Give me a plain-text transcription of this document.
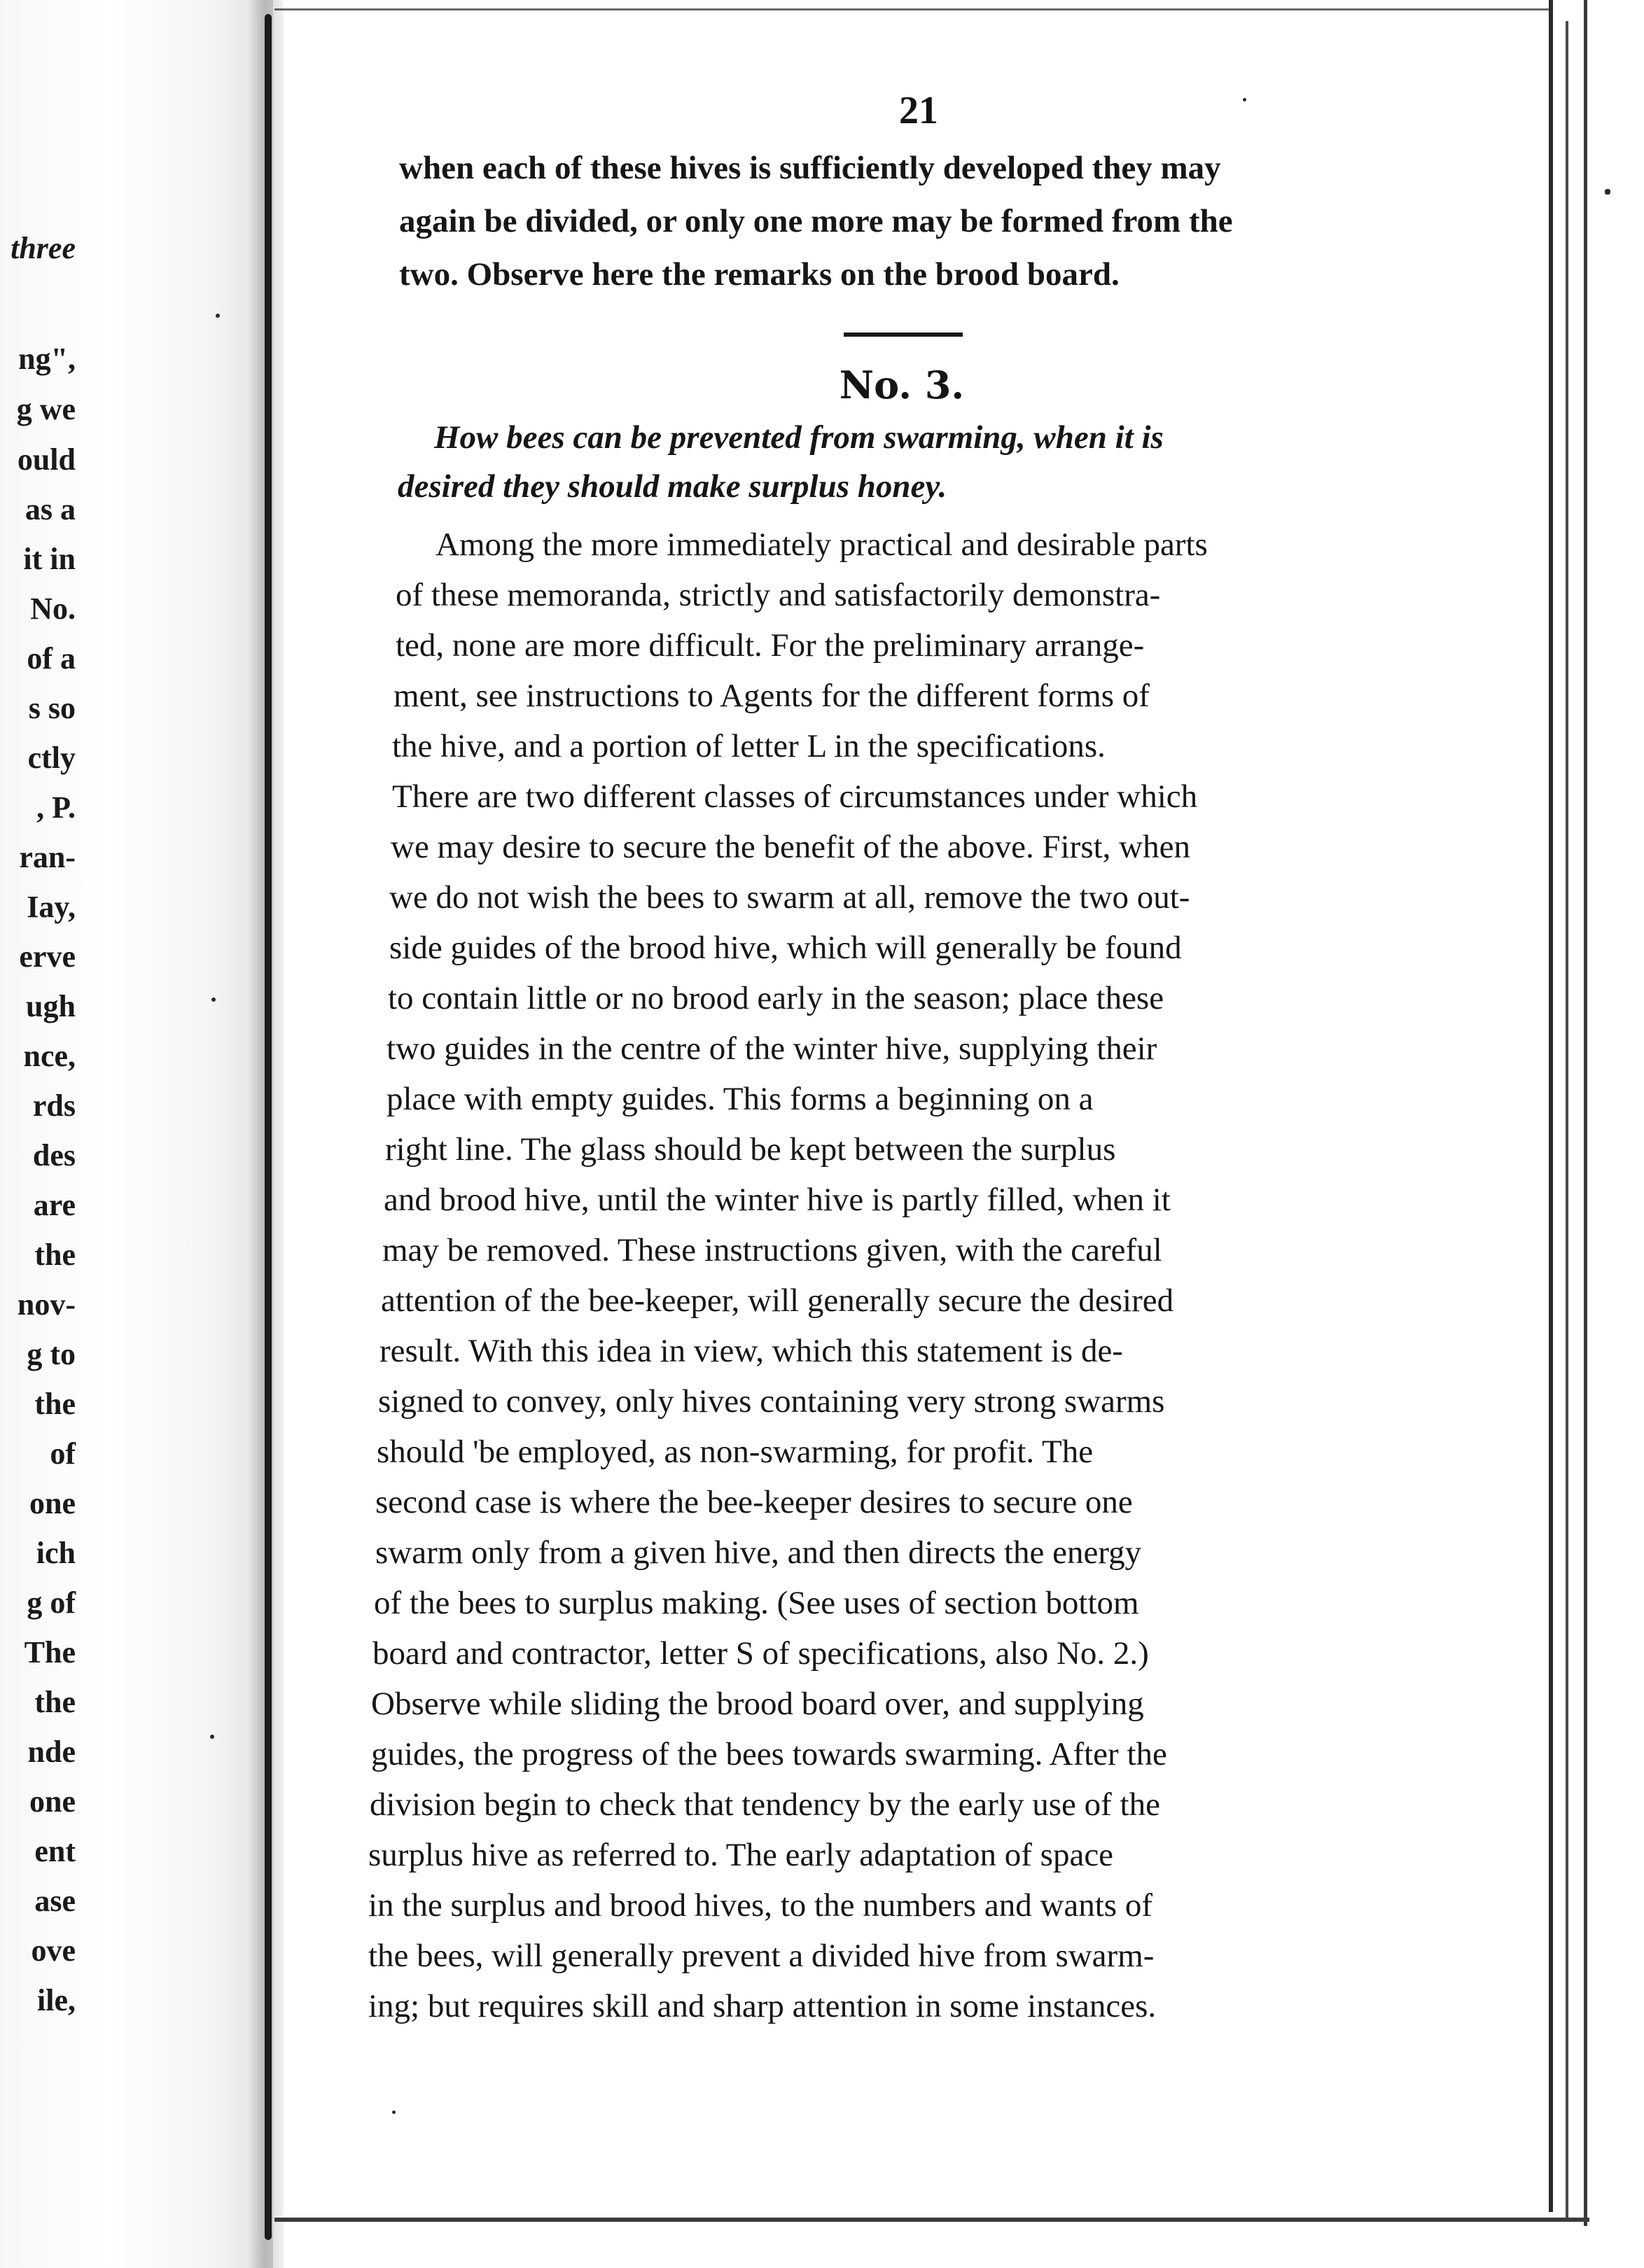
three
ng",
g we
ould
as a
it in
No.
of a
s so
ctly
, P.
ran-
Iay,
erve
ugh
nce,
rds
des
are
the
nov-
g to
the
of
one
ich
g of
The
the
nde
one
ent
ase
ove
ile,
21
when each of these hives is sufficiently developed they may
again be divided, or only one more may be formed from the
two. Observe here the remarks on the brood board.
No. 3.
How bees can be prevented from swarming, when it is
desired they should make surplus honey.
Among the more immediately practical and desirable parts
of these memoranda, strictly and satisfactorily demonstra-
ted, none are more difficult. For the preliminary arrange-
ment, see instructions to Agents for the different forms of
the hive, and a portion of letter L in the specifications.
There are two different classes of circumstances under which
we may desire to secure the benefit of the above. First, when
we do not wish the bees to swarm at all, remove the two out-
side guides of the brood hive, which will generally be found
to contain little or no brood early in the season; place these
two guides in the centre of the winter hive, supplying their
place with empty guides. This forms a beginning on a
right line. The glass should be kept between the surplus
and brood hive, until the winter hive is partly filled, when it
may be removed. These instructions given, with the careful
attention of the bee-keeper, will generally secure the desired
result. With this idea in view, which this statement is de-
signed to convey, only hives containing very strong swarms
should 'be employed, as non-swarming, for profit. The
second case is where the bee-keeper desires to secure one
swarm only from a given hive, and then directs the energy
of the bees to surplus making. (See uses of section bottom
board and contractor, letter S of specifications, also No. 2.)
Observe while sliding the brood board over, and supplying
guides, the progress of the bees towards swarming. After the
division begin to check that tendency by the early use of the
surplus hive as referred to. The early adaptation of space
in the surplus and brood hives, to the numbers and wants of
the bees, will generally prevent a divided hive from swarm-
ing; but requires skill and sharp attention in some instances.
